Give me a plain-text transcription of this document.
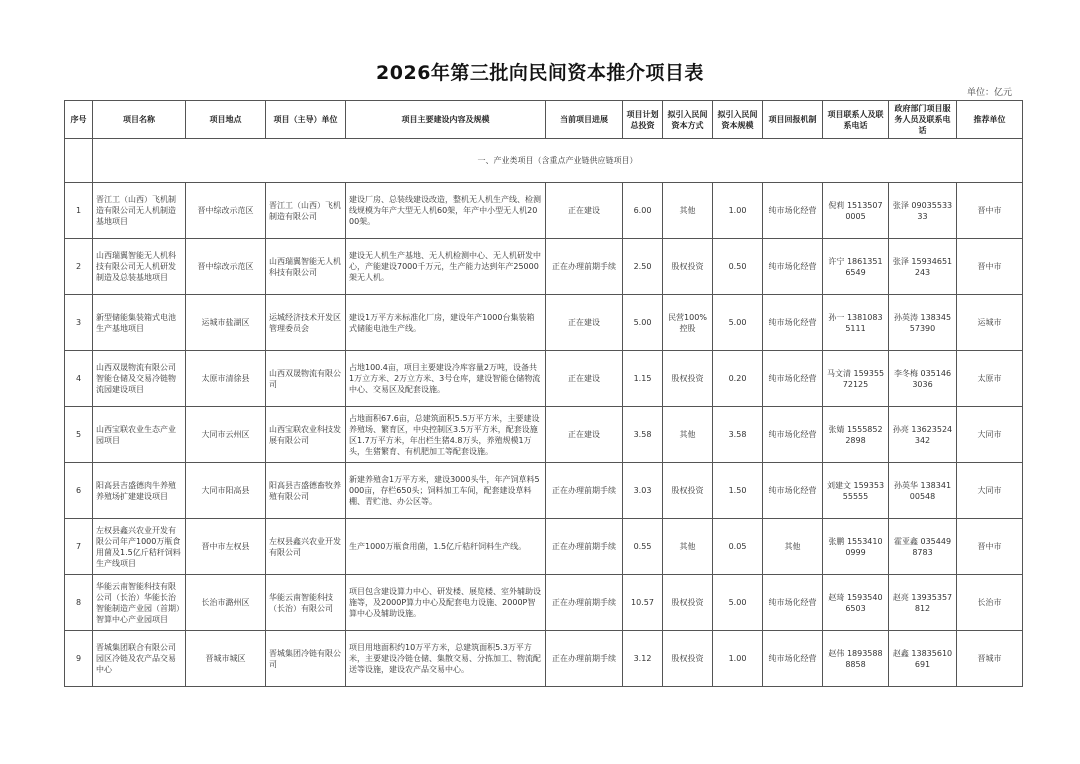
2026年第三批向民间资本推介项目表
单位：亿元
序号	项目名称	项目地点	项目（主导）单位	项目主要建设内容及规模	当前项目进展	项目计划总投资	拟引入民间资本方式	拟引入民间资本规模	项目回报机制	项目联系人及联系电话	政府部门项目服务人员及联系电话	推荐单位
	一、产业类项目（含重点产业链供应链项目）											
1	晋江工（山西）飞机制造有限公司无人机制造基地项目	晋中综改示范区	晋江工（山西）飞机制造有限公司	建设厂房、总装线建设改造，整机无人机生产线、检测线规模为年产大型无人机60架，年产中小型无人机2000架。	正在建设	6.00	其他	1.00	纯市场化经营	倪莉 15135070005	张泽 0903553333	晋中市
2	山西瑞翼智能无人机科技有限公司无人机研发制造及总装基地项目	晋中综改示范区	山西瑞翼智能无人机科技有限公司	建设无人机生产基地、无人机检测中心、无人机研发中心，产能建设7000千万元，生产能力达到年产25000架无人机。	正在办理前期手续	2.50	股权投资	0.50	纯市场化经营	许宁 18613516549	张泽 15934651243	晋中市
3	新型储能集装箱式电池生产基地项目	运城市盐湖区	运城经济技术开发区管理委员会	建设1万平方米标准化厂房，建设年产1000台集装箱式储能电池生产线。	正在建设	5.00	民营100%控股	5.00	纯市场化经营	孙一 13810835111	孙英涛 13834557390	运城市
4	山西双晟物流有限公司智能仓储及交易冷链物流园建设项目	太原市清徐县	山西双晟物流有限公司	占地100.4亩，项目主要建设冷库容量2万吨，设备共1万立方米、2万立方米、3号仓库，建设智能仓储物流中心、交易区及配套设施。	正在建设	1.15	股权投资	0.20	纯市场化经营	马文清 15935572125	李冬梅 0351463036	太原市
5	山西宝联农业生态产业园项目	大同市云州区	山西宝联农业科技发展有限公司	占地面积67.6亩，总建筑面积5.5万平方米，主要建设养殖场、繁育区，中央控制区3.5万平方米，配套设施区1.7万平方米，年出栏生猪4.8万头，养殖规模1万头，生猪繁育、有机肥加工等配套设施。	正在建设	3.58	其他	3.58	纯市场化经营	张婧 15558522898	孙亮 13623524342	大同市
6	阳高县吉盛德肉牛养殖养殖场扩建建设项目	大同市阳高县	阳高县吉盛德畜牧养殖有限公司	新建养殖舍1万平方米，建设3000头牛，年产饲草料5000亩，存栏650头；饲料加工车间，配套建设草料棚、青贮池、办公区等。	正在办理前期手续	3.03	股权投资	1.50	纯市场化经营	刘建文 15935355555	孙英华 13834100548	大同市
7	左权县鑫兴农业开发有限公司年产1000万瓶食用菌及1.5亿斤秸秆饲料生产线项目	晋中市左权县	左权县鑫兴农业开发有限公司	生产1000万瓶食用菌，1.5亿斤秸秆饲料生产线。	正在办理前期手续	0.55	其他	0.05	其他	张鹏 15534100999	霍亚鑫 0354498783	晋中市
8	华能云南智能科技有限公司（长治）华能长治智能制造产业园（首期）智算中心产业园项目	长治市潞州区	华能云南智能科技（长治）有限公司	项目包含建设算力中心、研发楼、展览楼、室外辅助设施等，及2000P算力中心及配套电力设施、2000P智算中心及辅助设施。	正在办理前期手续	10.57	股权投资	5.00	纯市场化经营	赵琦 15935406503	赵亮 13935357812	长治市
9	晋城集团联合有限公司园区冷链及农产品交易中心	晋城市城区	晋城集团冷链有限公司	项目用地面积约10万平方米，总建筑面积5.3万平方米，主要建设冷链仓储、集散交易、分拣加工、物流配送等设施，建设农产品交易中心。	正在办理前期手续	3.12	股权投资	1.00	纯市场化经营	赵伟 18935888858	赵鑫 13835610691	晋城市
